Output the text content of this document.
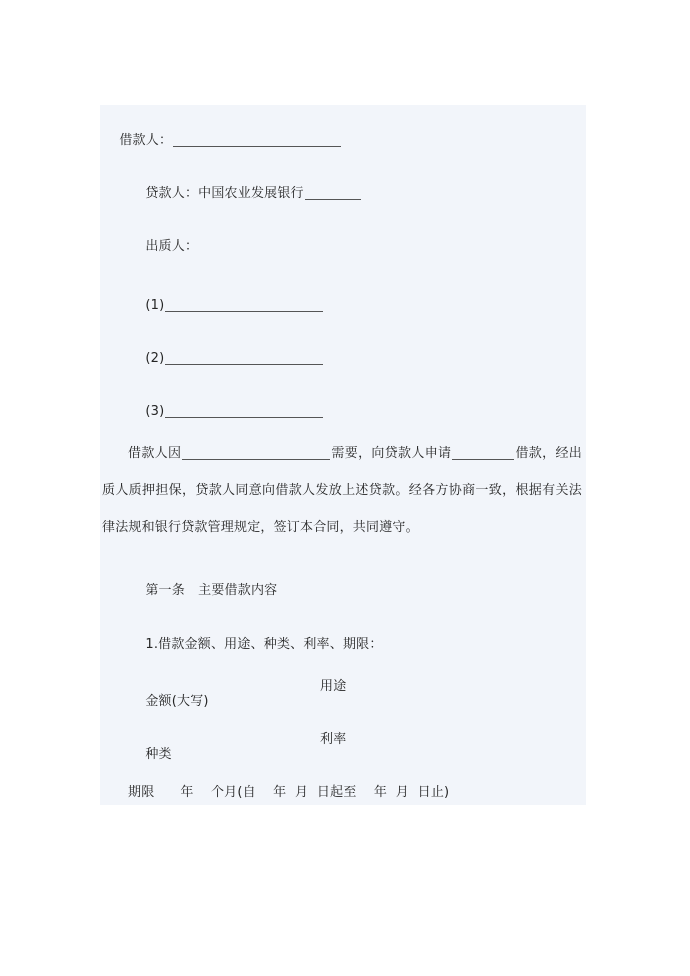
借款人：

贷款人：中国农业发展银行

出质人：

(1)

(2)

(3)

借款人因	需要，向贷款人申请	借款，经出质人质押担保，贷款人同意向借款人发放上述贷款。经各方协商一致，根据有关法律法规和银行贷款管理规定，签订本合同，共同遵守。

第一条　主要借款内容

1.借款金额、用途、种类、利率、期限：

金额(大写)
用途

种类
利率

期限 年 个月(自 年 月 日起至 年 月 日止)
